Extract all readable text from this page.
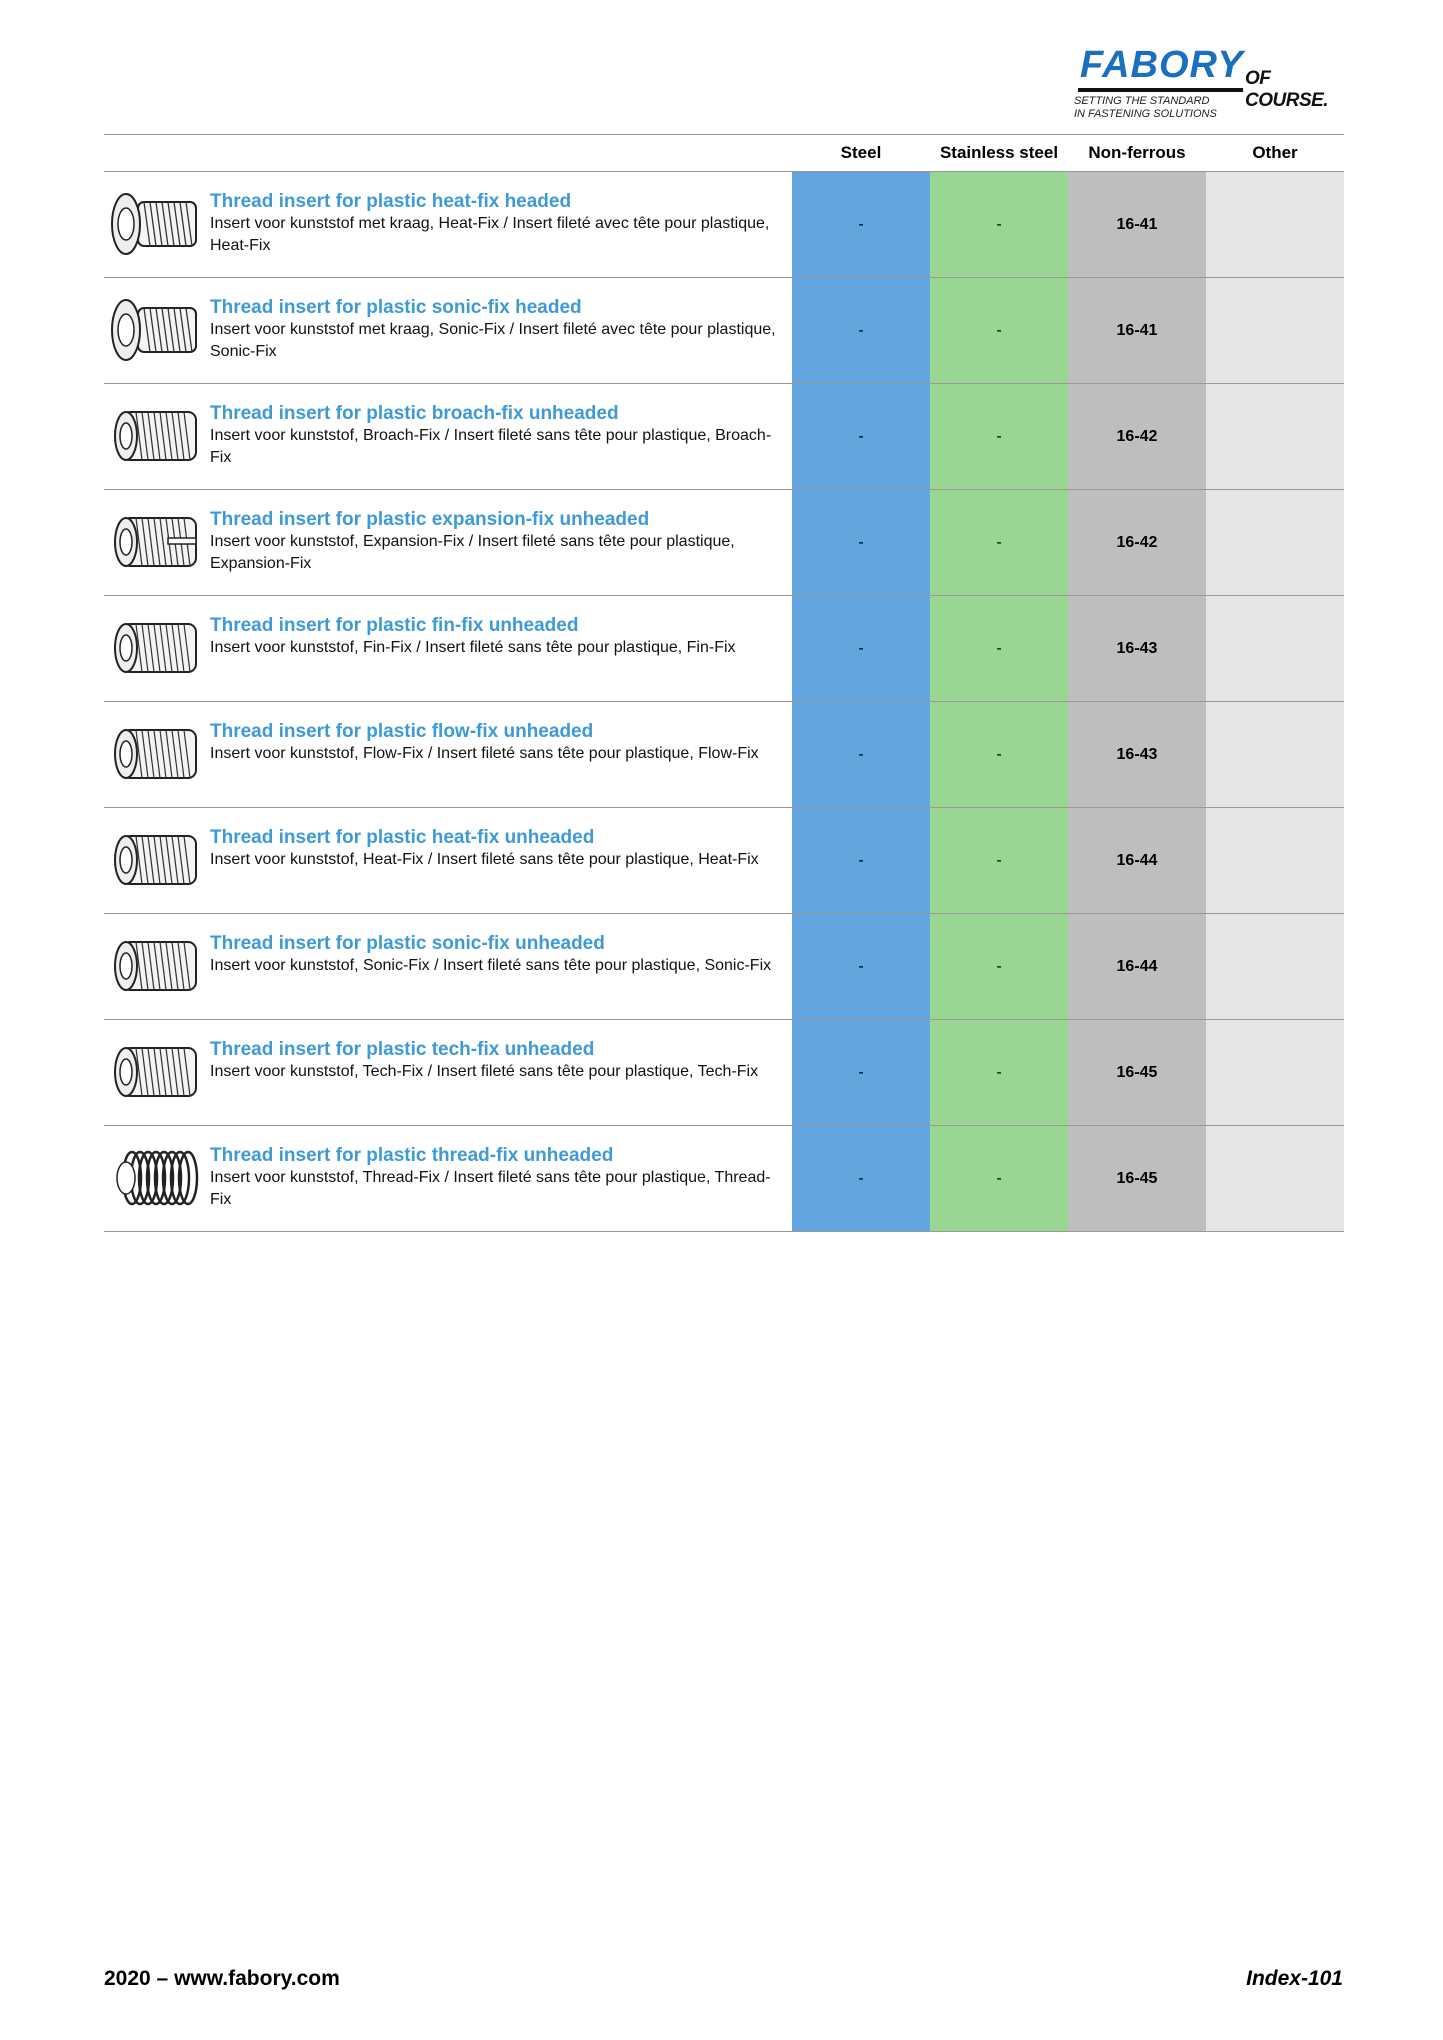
FABORY OF COURSE.
SETTING THE STANDARD
IN FASTENING SOLUTIONS
Steel	Stainless steel	Non-ferrous	Other
Thread insert for plastic heat-fix headed
Insert voor kunststof met kraag, Heat-Fix / Insert fileté avec tête pour plastique, Heat-Fix
-	-	16-41
Thread insert for plastic sonic-fix headed
Insert voor kunststof met kraag, Sonic-Fix / Insert fileté avec tête pour plastique, Sonic-Fix
-	-	16-41
Thread insert for plastic broach-fix unheaded
Insert voor kunststof, Broach-Fix / Insert fileté sans tête pour plastique, Broach-Fix
-	-	16-42
Thread insert for plastic expansion-fix unheaded
Insert voor kunststof, Expansion-Fix / Insert fileté sans tête pour plastique, Expansion-Fix
-	-	16-42
Thread insert for plastic fin-fix unheaded
Insert voor kunststof, Fin-Fix / Insert fileté sans tête pour plastique, Fin-Fix	-	-	16-43
Thread insert for plastic flow-fix unheaded
Insert voor kunststof, Flow-Fix / Insert fileté sans tête pour plastique, Flow-Fix	-	-	16-43
Thread insert for plastic heat-fix unheaded
Insert voor kunststof, Heat-Fix / Insert fileté sans tête pour plastique, Heat-Fix	-	-	16-44
Thread insert for plastic sonic-fix unheaded
Insert voor kunststof, Sonic-Fix / Insert fileté sans tête pour plastique, Sonic-Fix	-	-	16-44
Thread insert for plastic tech-fix unheaded
Insert voor kunststof, Tech-Fix / Insert fileté sans tête pour plastique, Tech-Fix	-	-	16-45
Thread insert for plastic thread-fix unheaded
Insert voor kunststof, Thread-Fix / Insert fileté sans tête pour plastique, Thread-Fix
-	-	16-45
2020 – www.fabory.com	Index-101
